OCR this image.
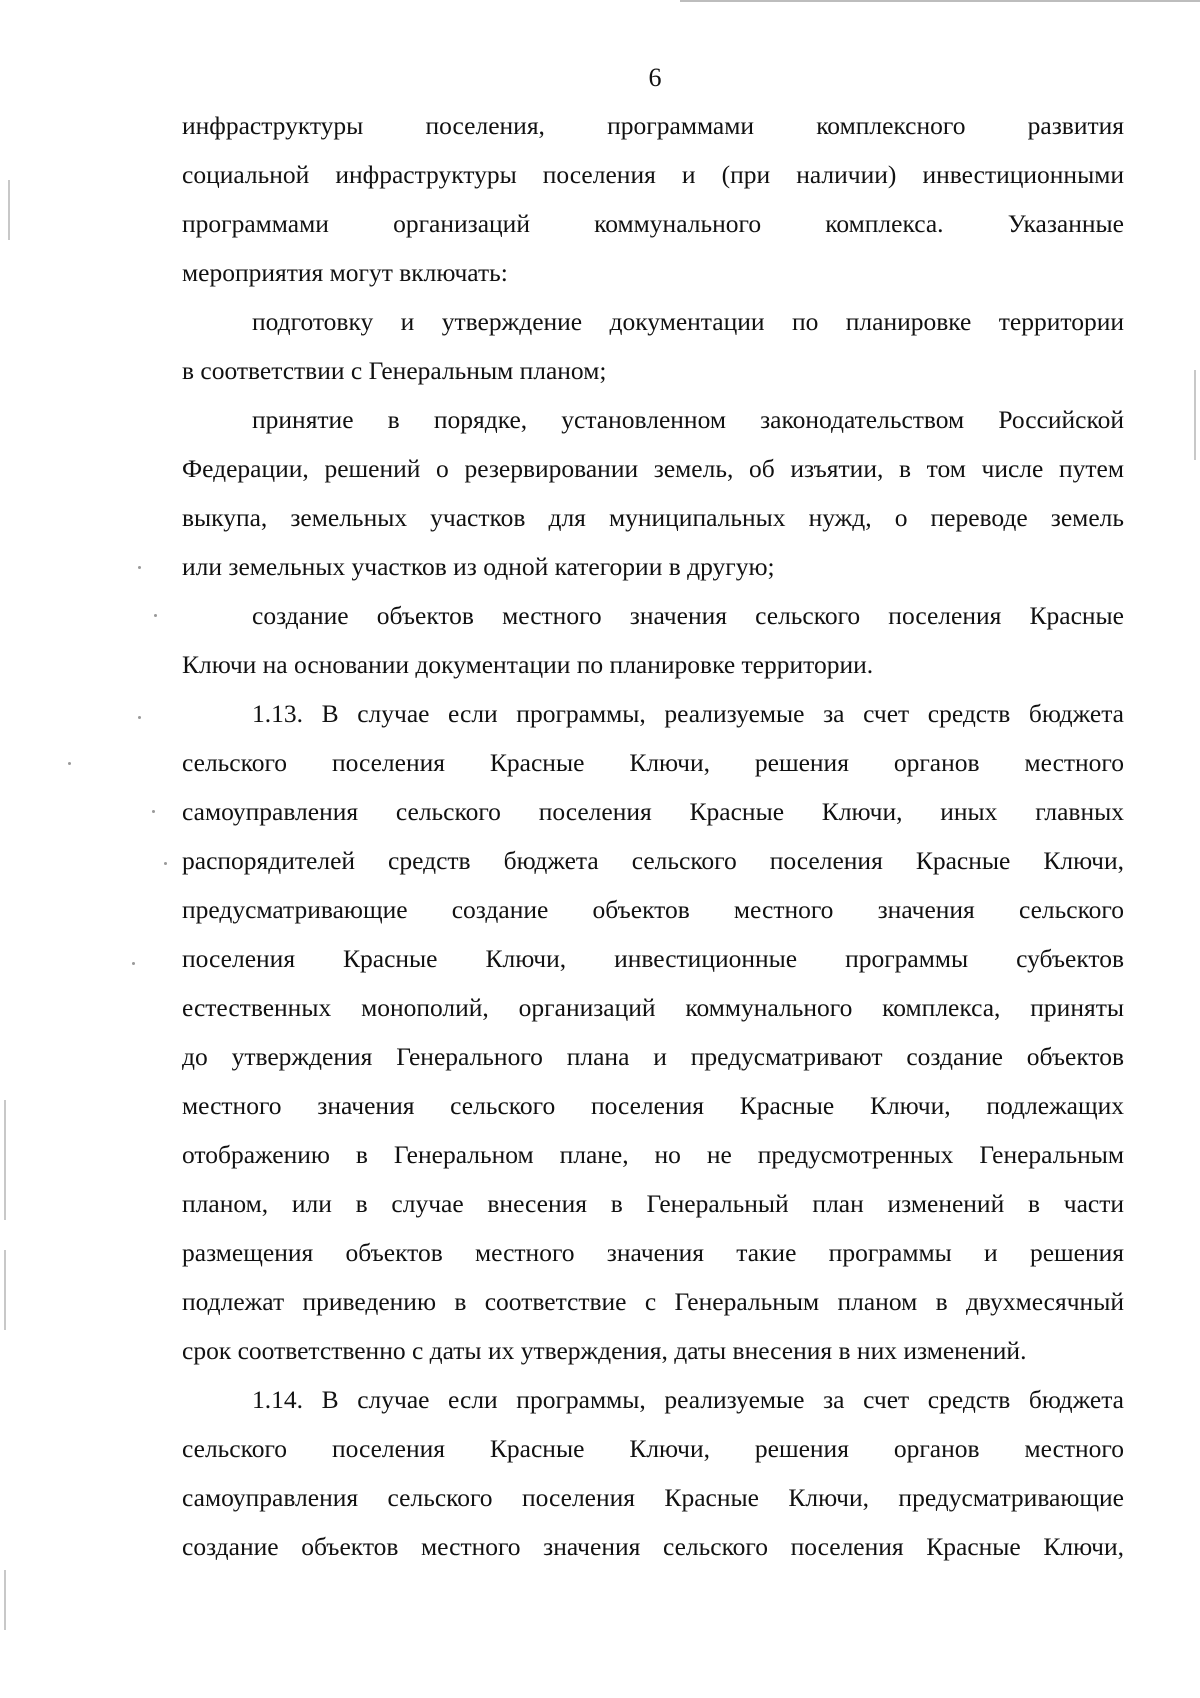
6
инфраструктуры поселения, программами комплексного развития
социальной инфраструктуры поселения и (при наличии) инвестиционными
программами организаций коммунального комплекса. Указанные
мероприятия могут включать:
подготовку и утверждение документации по планировке территории
в соответствии с Генеральным планом;
принятие в порядке, установленном законодательством Российской
Федерации, решений о резервировании земель, об изъятии, в том числе путем
выкупа, земельных участков для муниципальных нужд, о переводе земель
или земельных участков из одной категории в другую;
создание объектов местного значения сельского поселения Красные
Ключи на основании документации по планировке территории.
1.13. В случае если программы, реализуемые за счет средств бюджета
сельского поселения Красные Ключи, решения органов местного
самоуправления сельского поселения Красные Ключи, иных главных
распорядителей средств бюджета сельского поселения Красные Ключи,
предусматривающие создание объектов местного значения сельского
поселения Красные Ключи, инвестиционные программы субъектов
естественных монополий, организаций коммунального комплекса, приняты
до утверждения Генерального плана и предусматривают создание объектов
местного значения сельского поселения Красные Ключи, подлежащих
отображению в Генеральном плане, но не предусмотренных Генеральным
планом, или в случае внесения в Генеральный план изменений в части
размещения объектов местного значения такие программы и решения
подлежат приведению в соответствие с Генеральным планом в двухмесячный
срок соответственно с даты их утверждения, даты внесения в них изменений.
1.14. В случае если программы, реализуемые за счет средств бюджета
сельского поселения Красные Ключи, решения органов местного
самоуправления сельского поселения Красные Ключи, предусматривающие
создание объектов местного значения сельского поселения Красные Ключи,
